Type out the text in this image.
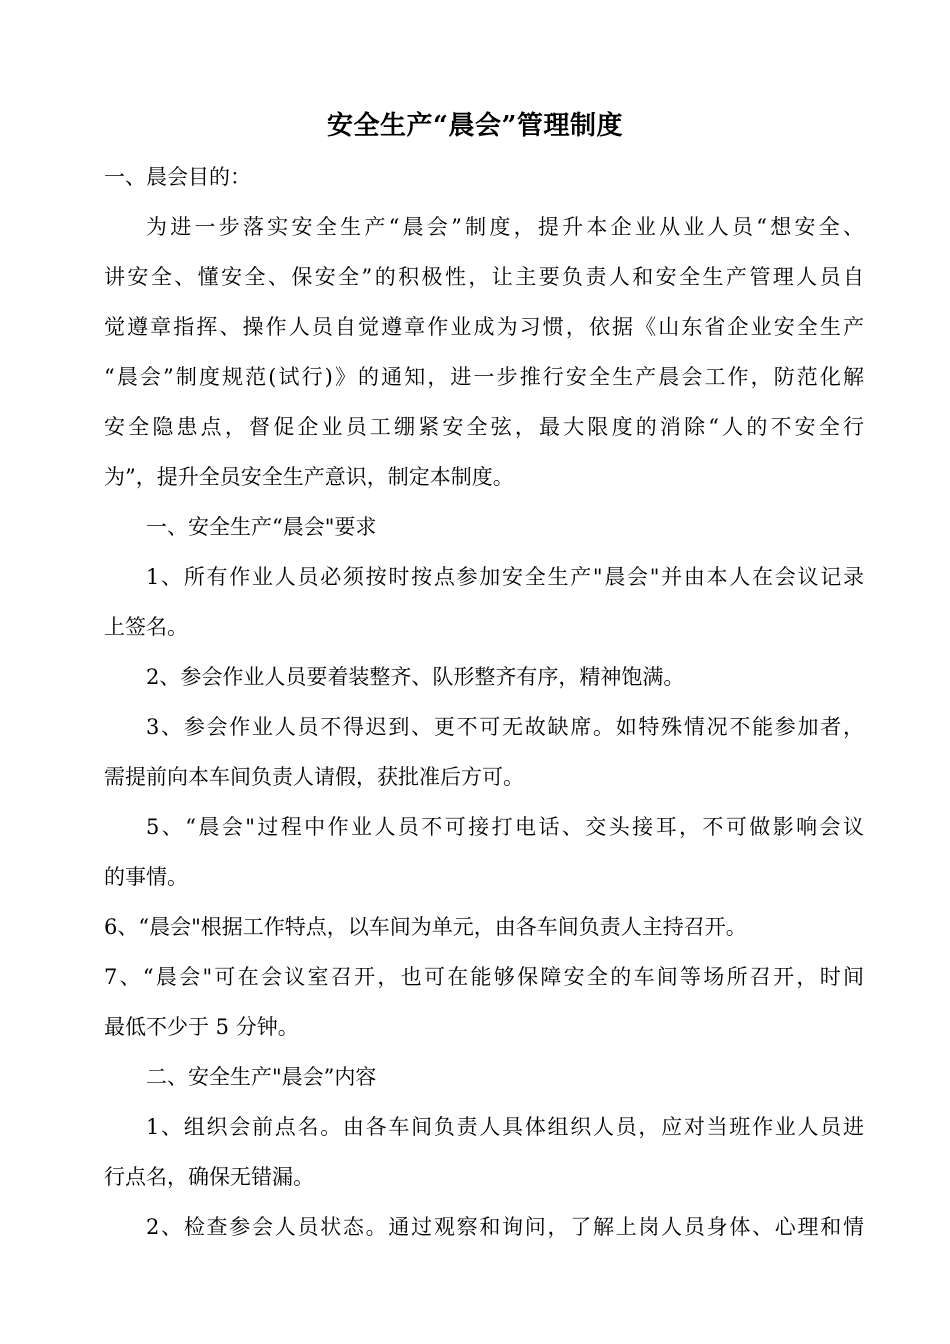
安全生产“晨会”管理制度
一、晨会目的：
为进一步落实安全生产“晨会”制度，提升本企业从业人员“想安全、
讲安全、懂安全、保安全”的积极性，让主要负责人和安全生产管理人员自
觉遵章指挥、操作人员自觉遵章作业成为习惯，依据《山东省企业安全生产
“晨会”制度规范(试行)》的通知，进一步推行安全生产晨会工作，防范化解
安全隐患点，督促企业员工绷紧安全弦，最大限度的消除“人的不安全行
为”，提升全员安全生产意识，制定本制度。
一、安全生产“晨会"要求
1、所有作业人员必须按时按点参加安全生产"晨会"并由本人在会议记录
上签名。
2、参会作业人员要着装整齐、队形整齐有序，精神饱满。
3、参会作业人员不得迟到、更不可无故缺席。如特殊情况不能参加者，
需提前向本车间负责人请假，获批准后方可。
5、“晨会"过程中作业人员不可接打电话、交头接耳，不可做影响会议
的事情。
6、“晨会"根据工作特点，以车间为单元，由各车间负责人主持召开。
7、“晨会"可在会议室召开，也可在能够保障安全的车间等场所召开，时间
最低不少于 5 分钟。
二、安全生产"晨会”内容
1、组织会前点名。由各车间负责人具体组织人员，应对当班作业人员进
行点名，确保无错漏。
2、检查参会人员状态。通过观察和询问，了解上岗人员身体、心理和情
